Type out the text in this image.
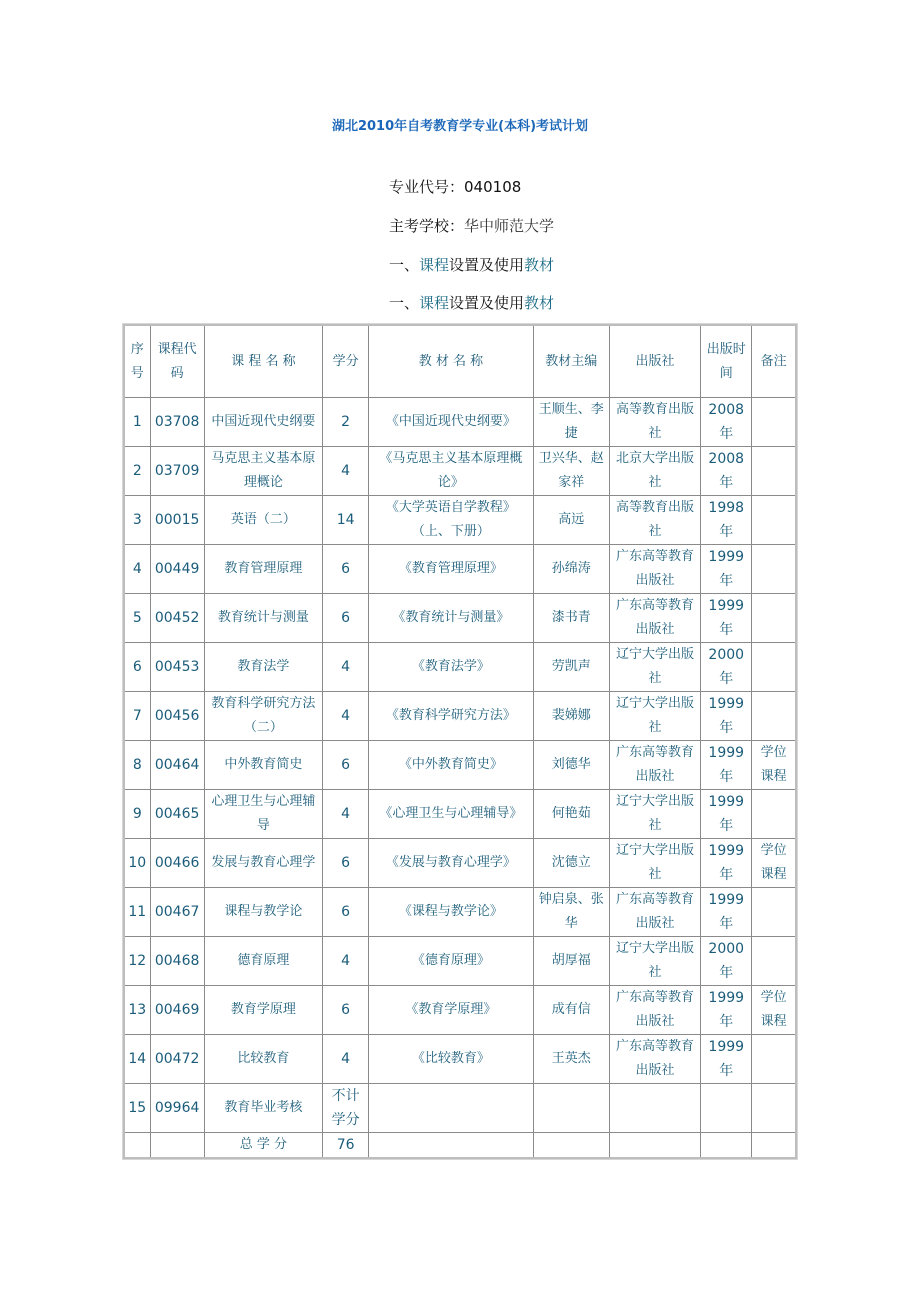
湖北2010年自考教育学专业(本科)考试计划
专业代号：040108
主考学校：华中师范大学
一、课程设置及使用教材
一、课程设置及使用教材
序号	课程代码	课 程 名 称	学分	教 材 名 称	教材主编	出版社	出版时间	备注
1	03708	中国近现代史纲要	2	《中国近现代史纲要》	王顺生、李捷	高等教育出版社	2008年	
2	03709	马克思主义基本原理概论	4	《马克思主义基本原理概论》	卫兴华、赵家祥	北京大学出版社	2008年	
3	00015	英语（二）	14	《大学英语自学教程》（上、下册）	高远	高等教育出版社	1998年	
4	00449	教育管理原理	6	《教育管理原理》	孙绵涛	广东高等教育出版社	1999年	
5	00452	教育统计与测量	6	《教育统计与测量》	漆书青	广东高等教育出版社	1999年	
6	00453	教育法学	4	《教育法学》	劳凯声	辽宁大学出版社	2000年	
7	00456	教育科学研究方法（二）	4	《教育科学研究方法》	裴娣娜	辽宁大学出版社	1999年	
8	00464	中外教育简史	6	《中外教育简史》	刘德华	广东高等教育出版社	1999年	学位课程
9	00465	心理卫生与心理辅导	4	《心理卫生与心理辅导》	何艳茹	辽宁大学出版社	1999年	
10	00466	发展与教育心理学	6	《发展与教育心理学》	沈德立	辽宁大学出版社	1999年	学位课程
11	00467	课程与教学论	6	《课程与教学论》	钟启泉、张华	广东高等教育出版社	1999年	
12	00468	德育原理	4	《德育原理》	胡厚福	辽宁大学出版社	2000年	
13	00469	教育学原理	6	《教育学原理》	成有信	广东高等教育出版社	1999年	学位课程
14	00472	比较教育	4	《比较教育》	王英杰	广东高等教育出版社	1999年	
15	09964	教育毕业考核	不计学分					
		总 学 分	76					
